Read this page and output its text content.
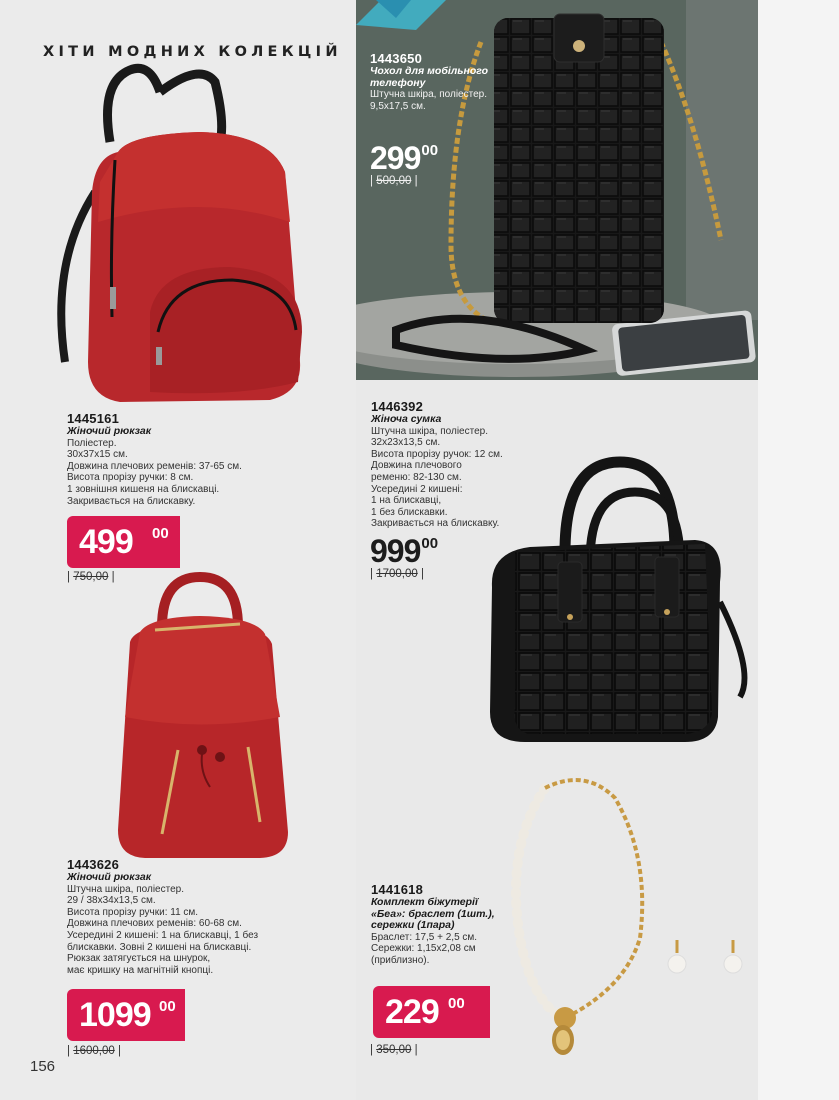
ХІТИ МОДНИХ КОЛЕКЦІЙ 1443650
Чохол для мобільного телефону
Штучна шкіра, поліестер.
9,5x17,5 см.
29900
| 500,00 |
1445161
Жіночий рюкзак
Поліестер.
30x37x15 см.
Довжина плечових ременів: 37-65 см.
Висота прорізу ручки: 8 см.
1 зовнішня кишеня на блискавці.
Закривається на блискавку.
499 00
| 750,00 |
1446392
Жіноча сумка
Штучна шкіра, поліестер.
32x23x13,5 см.
Висота прорізу ручок: 12 см.
Довжина плечового
ременю: 82-130 см.
Усередині 2 кишені:
1 на блискавці,
1 без блискавки.
Закривається на блискавку.
99900
| 1700,00 |
1443626
Жіночий рюкзак
Штучна шкіра, поліестер.
29 / 38x34x13,5 см.
Висота прорізу ручки: 11 см.
Довжина плечових ременів: 60-68 см.
Усередині 2 кишені: 1 на блискавці, 1 без
блискавки. Зовні 2 кишені на блискавці.
Рюкзак затягується на шнурок,
має кришку на магнітній кнопці.
1099 00
| 1600,00 |
1441618
Комплект біжутерії «Беа»: браслет (1шт.), сережки (1пара)
Браслет: 17,5 + 2,5 см.
Сережки: 1,15x2,08 см
(приблизно).
229 00
| 350,00 |
156
